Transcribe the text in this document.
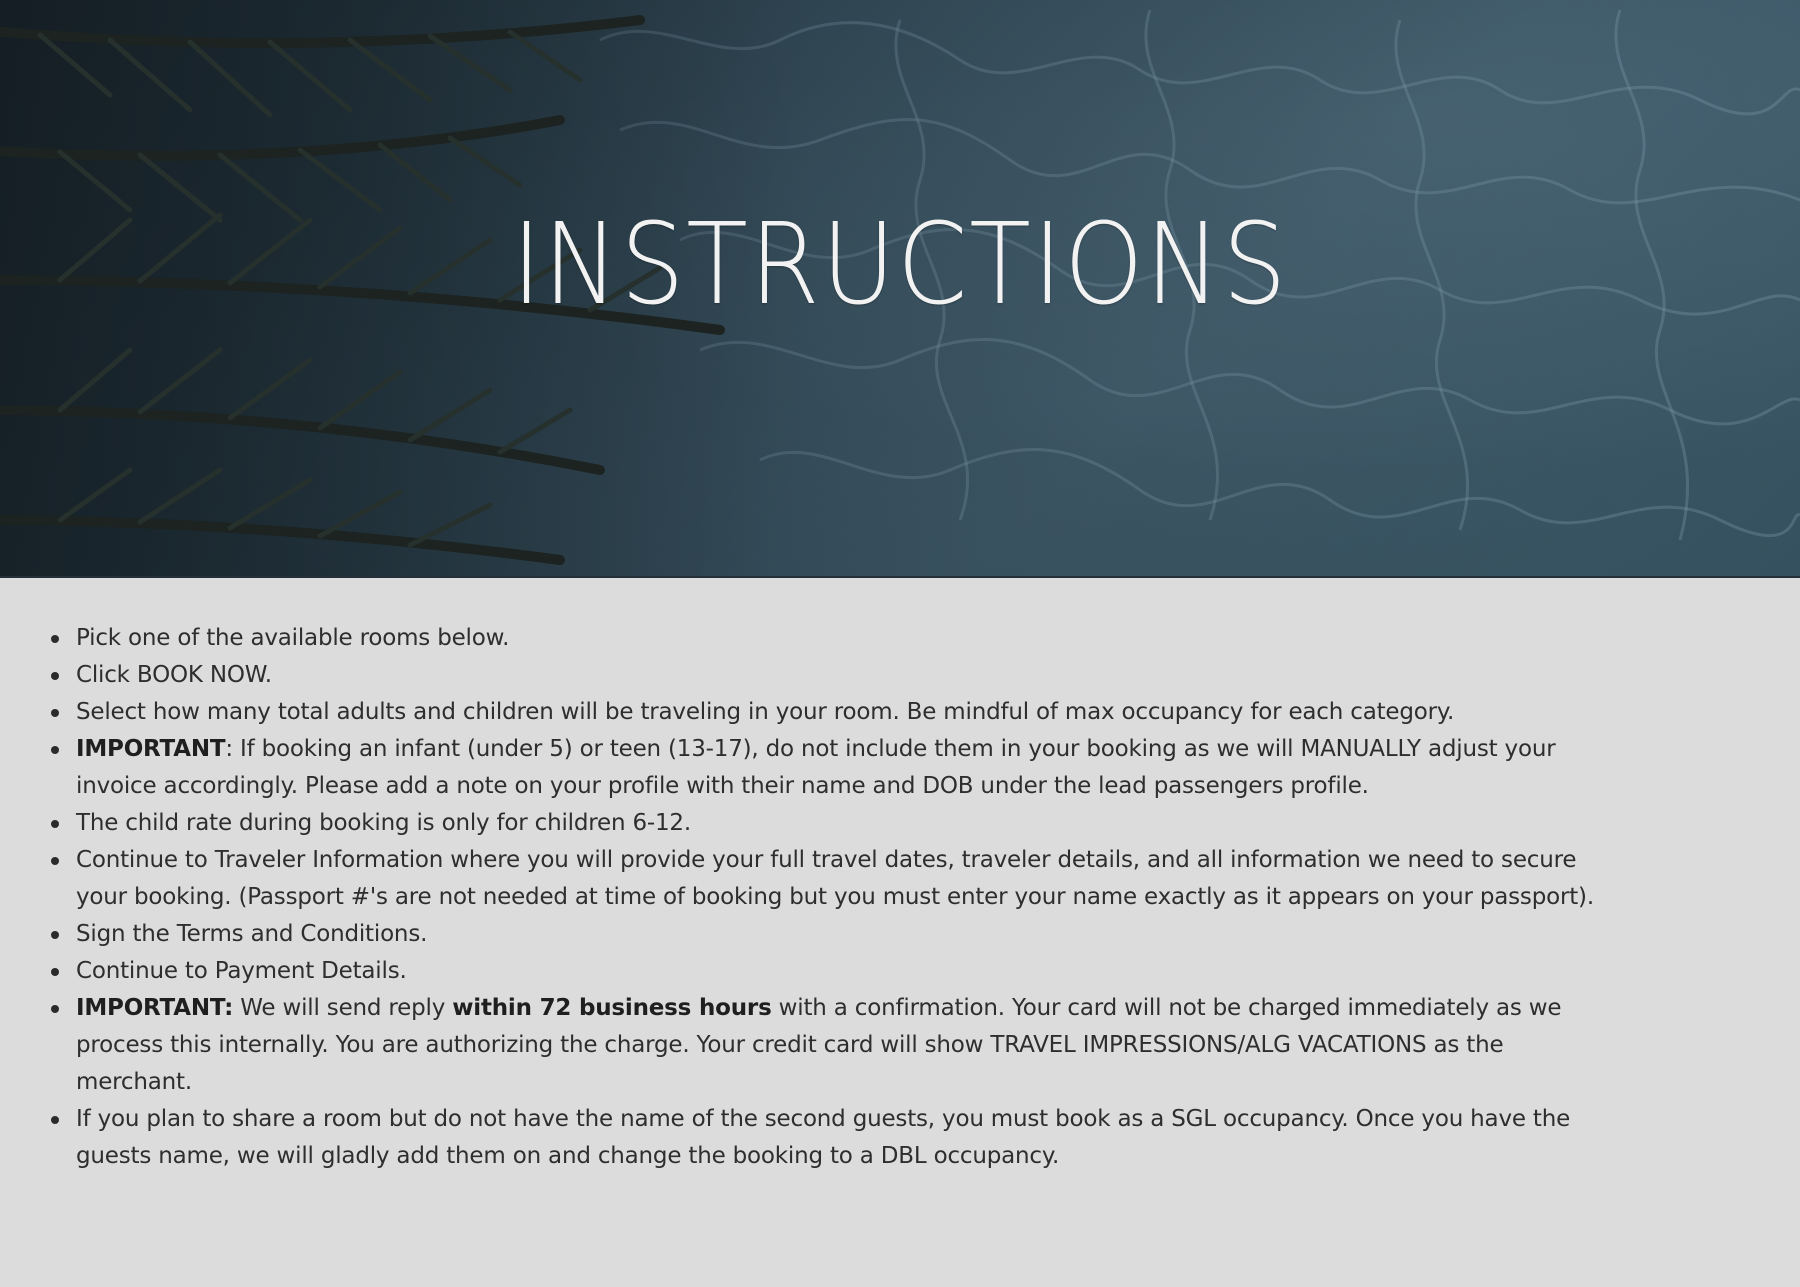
INSTRUCTIONS
Pick one of the available rooms below.
Click BOOK NOW.
Select how many total adults and children will be traveling in your room. Be mindful of max occupancy for each category.
IMPORTANT: If booking an infant (under 5) or teen (13-17), do not include them in your booking as we will MANUALLY adjust your invoice accordingly. Please add a note on your profile with their name and DOB under the lead passengers profile.
The child rate during booking is only for children 6-12.
Continue to Traveler Information where you will provide your full travel dates, traveler details, and all information we need to secure your booking. (Passport #'s are not needed at time of booking but you must enter your name exactly as it appears on your passport).
Sign the Terms and Conditions.
Continue to Payment Details.
IMPORTANT: We will send reply within 72 business hours with a confirmation. Your card will not be charged immediately as we process this internally. You are authorizing the charge. Your credit card will show TRAVEL IMPRESSIONS/ALG VACATIONS as the merchant.
If you plan to share a room but do not have the name of the second guests, you must book as a SGL occupancy. Once you have the guests name, we will gladly add them on and change the booking to a DBL occupancy.
